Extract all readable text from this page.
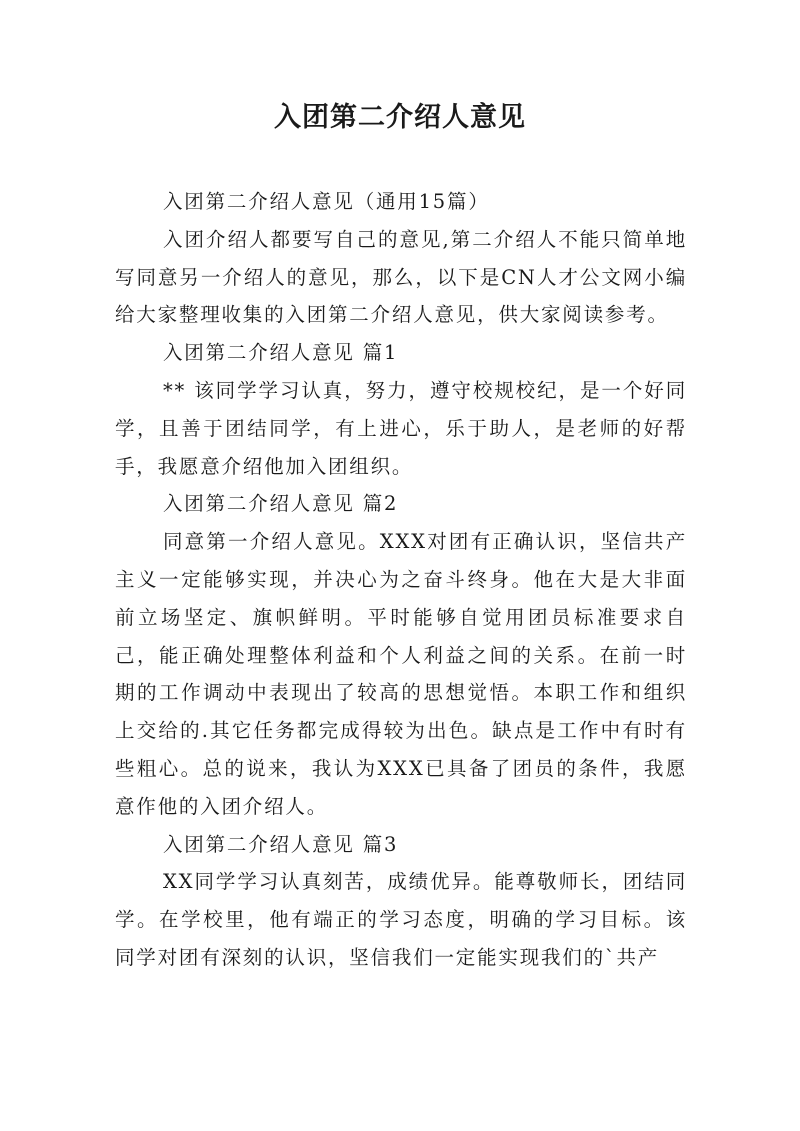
入团第二介绍人意见

入团第二介绍人意见（通用15篇）

入团介绍人都要写自己的意见,第二介绍人不能只简单地写同意另一介绍人的意见，那么，以下是CN人才公文网小编给大家整理收集的入团第二介绍人意见，供大家阅读参考。

入团第二介绍人意见 篇1

** 该同学学习认真，努力，遵守校规校纪，是一个好同学，且善于团结同学，有上进心，乐于助人，是老师的好帮手，我愿意介绍他加入团组织。

入团第二介绍人意见 篇2

同意第一介绍人意见。XXX对团有正确认识，坚信共产主义一定能够实现，并决心为之奋斗终身。他在大是大非面前立场坚定、旗帜鲜明。平时能够自觉用团员标准要求自己，能正确处理整体利益和个人利益之间的关系。在前一时期的工作调动中表现出了较高的思想觉悟。本职工作和组织上交给的.其它任务都完成得较为出色。缺点是工作中有时有些粗心。总的说来，我认为XXX已具备了团员的条件，我愿意作他的入团介绍人。

入团第二介绍人意见 篇3

XX同学学习认真刻苦，成绩优异。能尊敬师长，团结同学。在学校里，他有端正的学习态度，明确的学习目标。该同学对团有深刻的认识，坚信我们一定能实现我们的`共产
